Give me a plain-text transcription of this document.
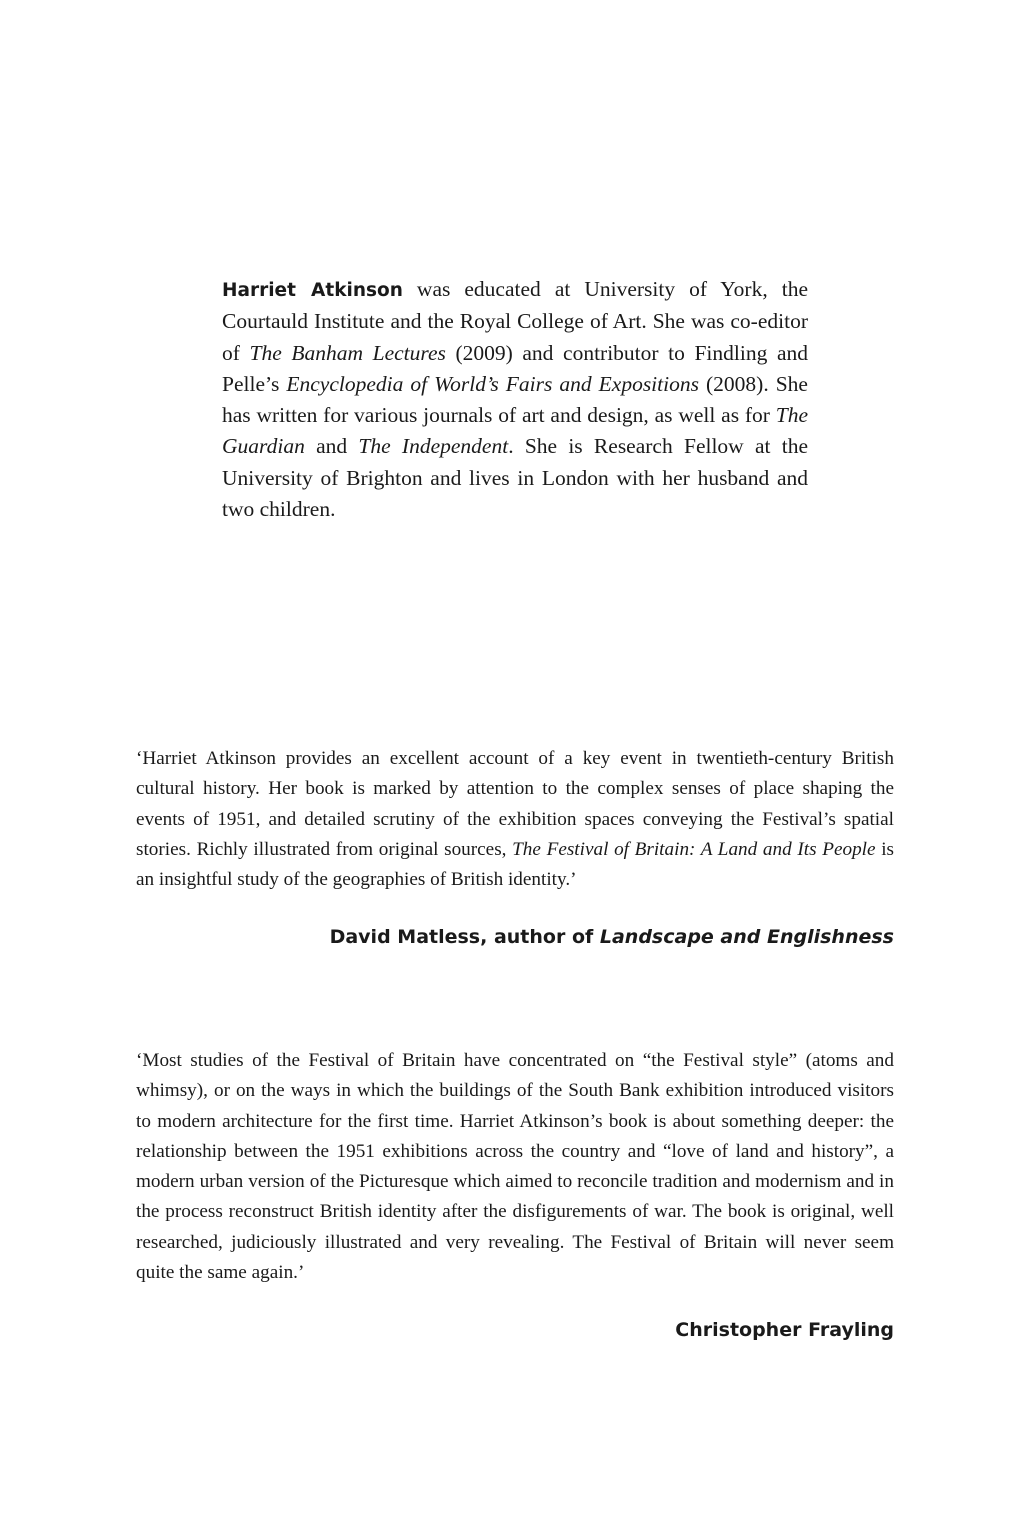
Harriet Atkinson was educated at University of York, the Courtauld Institute and the Royal College of Art. She was co-editor of The Banham Lectures (2009) and contributor to Findling and Pelle’s Encyclopedia of World’s Fairs and Expositions (2008). She has written for various journals of art and design, as well as for The Guardian and The Independent. She is Research Fellow at the University of Brighton and lives in London with her husband and two children.

‘Harriet Atkinson provides an excellent account of a key event in twentieth-century British cultural history. Her book is marked by attention to the complex senses of place shaping the events of 1951, and detailed scrutiny of the exhibition spaces conveying the Festival’s spatial stories. Richly illustrated from original sources, The Festival of Britain: A Land and Its People is an insightful study of the geographies of British identity.’

David Matless, author of Landscape and Englishness

‘Most studies of the Festival of Britain have concentrated on “the Festival style” (atoms and whimsy), or on the ways in which the buildings of the South Bank exhibition introduced visitors to modern architecture for the first time. Harriet Atkinson’s book is about something deeper: the relationship between the 1951 exhibitions across the country and “love of land and history”, a modern urban version of the Picturesque which aimed to reconcile tradition and modernism and in the process reconstruct British identity after the disfigurements of war. The book is original, well researched, judiciously illustrated and very revealing. The Festival of Britain will never seem quite the same again.’

Christopher Frayling
